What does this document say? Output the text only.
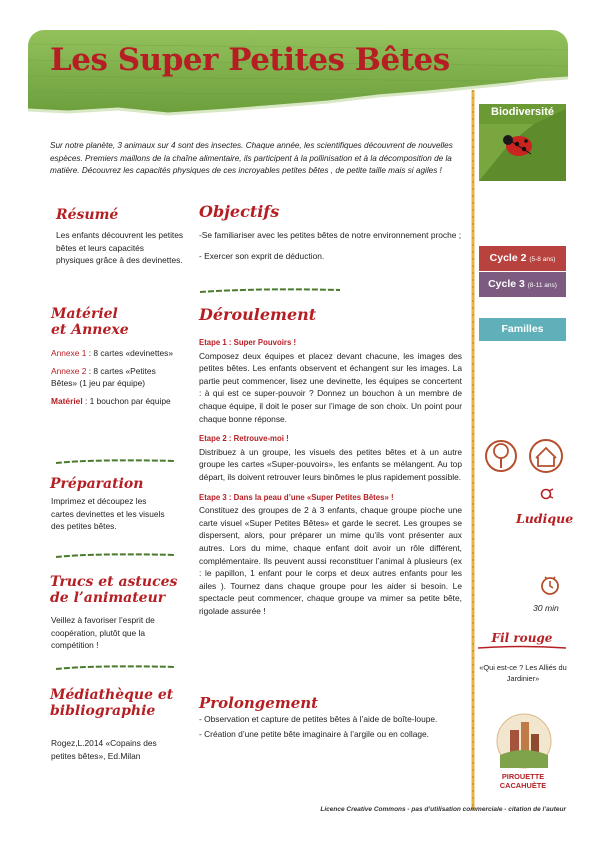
Les Super Petites Bêtes
Sur notre planète, 3 animaux sur 4 sont des insectes. Chaque année, les scientifiques découvrent de nouvelles espèces. Premiers maillons de la chaîne alimentaire, ils participent à la pollinisation et à la décomposition de la matière. Découvrez les capacités physiques de ces incroyables petites bêtes , de petite taille mais si agiles !
Résumé
Les enfants découvrent les petites bêtes et leurs capacités physiques grâce à des devinettes.
Matériel
et Annexe
Annexe 1 : 8 cartes «devinettes»
Annexe 2 : 8 cartes «Petites Bêtes» (1 jeu par équipe)
Matériel : 1 bouchon par équipe
Préparation
Imprimez et découpez les cartes devinettes et les visuels des petites bêtes.
Trucs et astuces
de l’animateur
Veillez à favoriser l’esprit de coopération, plutôt que la compétition !
Médiathèque et
bibliographie
Rogez,L.2014 «Copains des petites bêtes», Ed.Milan
Objectifs
-Se familiariser avec les petites bêtes de notre environnement proche ;
- Exercer son exprit de déduction.
Déroulement
Etape 1 : Super Pouvoirs !
Composez deux équipes et placez devant chacune, les images des petites bêtes. Les enfants observent et échangent sur les images. La partie peut commencer, lisez une devinette, les équipes se concertent : à qui est ce super-pouvoir ? Donnez un bouchon à un membre de chaque équipe, il doit le poser sur l’image de son choix. Un point pour chaque bonne réponse.
Etape 2 : Retrouve-moi !
Distribuez à un groupe, les visuels des petites bêtes et à un autre groupe les cartes «Super-pouvoirs», les enfants se mélangent. Au top départ, ils doivent retrouver leurs binômes le plus rapidement possible.
Etape 3 : Dans la peau d’une «Super Petites Bêtes» !
Constituez des groupes de 2 à 3 enfants, chaque groupe pioche une carte visuel «Super Petites Bêtes» et garde le secret. Les groupes se dispersent, alors, pour préparer un mime qu’ils vont présenter aux autres. Lors du mime, chaque enfant doit avoir un rôle différent, complémentaire. Ils peuvent aussi reconstituer l’animal à plusieurs (ex : le papillon, 1 enfant pour le corps et deux autres enfants pour les ailes ). Tournez dans chaque groupe pour les aider si besoin. Le spectacle peut commencer, chaque groupe va mimer sa petite bête, rigolade assurée !
Prolongement
- Observation et capture de petites bêtes à l’aide de boîte-loupe.
- Création d’une petite bête imaginaire à l’argile ou en collage.
Biodiversité
Cycle 2 (5-8 ans)
Cycle 3 (8-11 ans)
Familles
Ludique
30 min
Fil rouge
«Qui est-ce ? Les Alliés du Jardinier»
PIROUETTE
CACAHUÈTE
Licence Creative Commons - pas d’utilisation commerciale - citation de l’auteur
